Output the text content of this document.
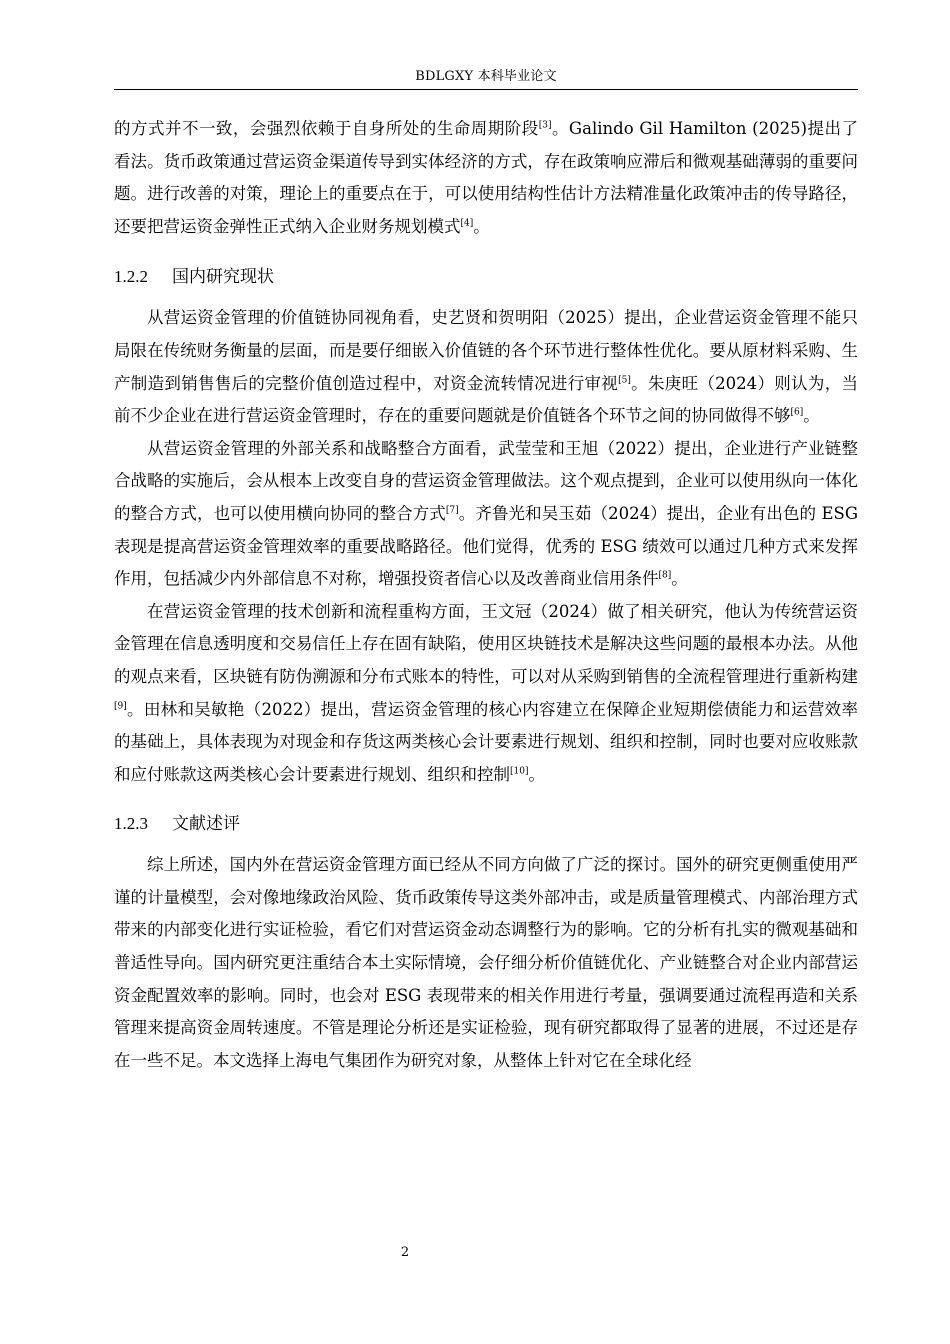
BDLGXY 本科毕业论文

的方式并不一致，会强烈依赖于自身所处的生命周期阶段[3]。Galindo Gil Hamilton (2025)提出了看法。货币政策通过营运资金渠道传导到实体经济的方式，存在政策响应滞后和微观基础薄弱的重要问题。进行改善的对策，理论上的重要点在于，可以使用结构性估计方法精准量化政策冲击的传导路径，还要把营运资金弹性正式纳入企业财务规划模式[4]。

1.2.2 国内研究现状

从营运资金管理的价值链协同视角看，史艺贤和贺明阳（2025）提出，企业营运资金管理不能只局限在传统财务衡量的层面，而是要仔细嵌入价值链的各个环节进行整体性优化。要从原材料采购、生产制造到销售售后的完整价值创造过程中，对资金流转情况进行审视[5]。朱庚旺（2024）则认为，当前不少企业在进行营运资金管理时，存在的重要问题就是价值链各个环节之间的协同做得不够[6]。

从营运资金管理的外部关系和战略整合方面看，武莹莹和王旭（2022）提出，企业进行产业链整合战略的实施后，会从根本上改变自身的营运资金管理做法。这个观点提到，企业可以使用纵向一体化的整合方式，也可以使用横向协同的整合方式[7]。齐鲁光和吴玉茹（2024）提出，企业有出色的 ESG 表现是提高营运资金管理效率的重要战略路径。他们觉得，优秀的 ESG 绩效可以通过几种方式来发挥作用，包括减少内外部信息不对称，增强投资者信心以及改善商业信用条件[8]。

在营运资金管理的技术创新和流程重构方面，王文冠（2024）做了相关研究，他认为传统营运资金管理在信息透明度和交易信任上存在固有缺陷，使用区块链技术是解决这些问题的最根本办法。从他的观点来看，区块链有防伪溯源和分布式账本的特性，可以对从采购到销售的全流程管理进行重新构建[9]。田林和吴敏艳（2022）提出，营运资金管理的核心内容建立在保障企业短期偿债能力和运营效率的基础上，具体表现为对现金和存货这两类核心会计要素进行规划、组织和控制，同时也要对应收账款和应付账款这两类核心会计要素进行规划、组织和控制[10]。

1.2.3 文献述评

综上所述，国内外在营运资金管理方面已经从不同方向做了广泛的探讨。国外的研究更侧重使用严谨的计量模型，会对像地缘政治风险、货币政策传导这类外部冲击，或是质量管理模式、内部治理方式带来的内部变化进行实证检验，看它们对营运资金动态调整行为的影响。它的分析有扎实的微观基础和普适性导向。国内研究更注重结合本土实际情境，会仔细分析价值链优化、产业链整合对企业内部营运资金配置效率的影响。同时，也会对 ESG 表现带来的相关作用进行考量，强调要通过流程再造和关系管理来提高资金周转速度。不管是理论分析还是实证检验，现有研究都取得了显著的进展，不过还是存在一些不足。本文选择上海电气集团作为研究对象，从整体上针对它在全球化经

2
